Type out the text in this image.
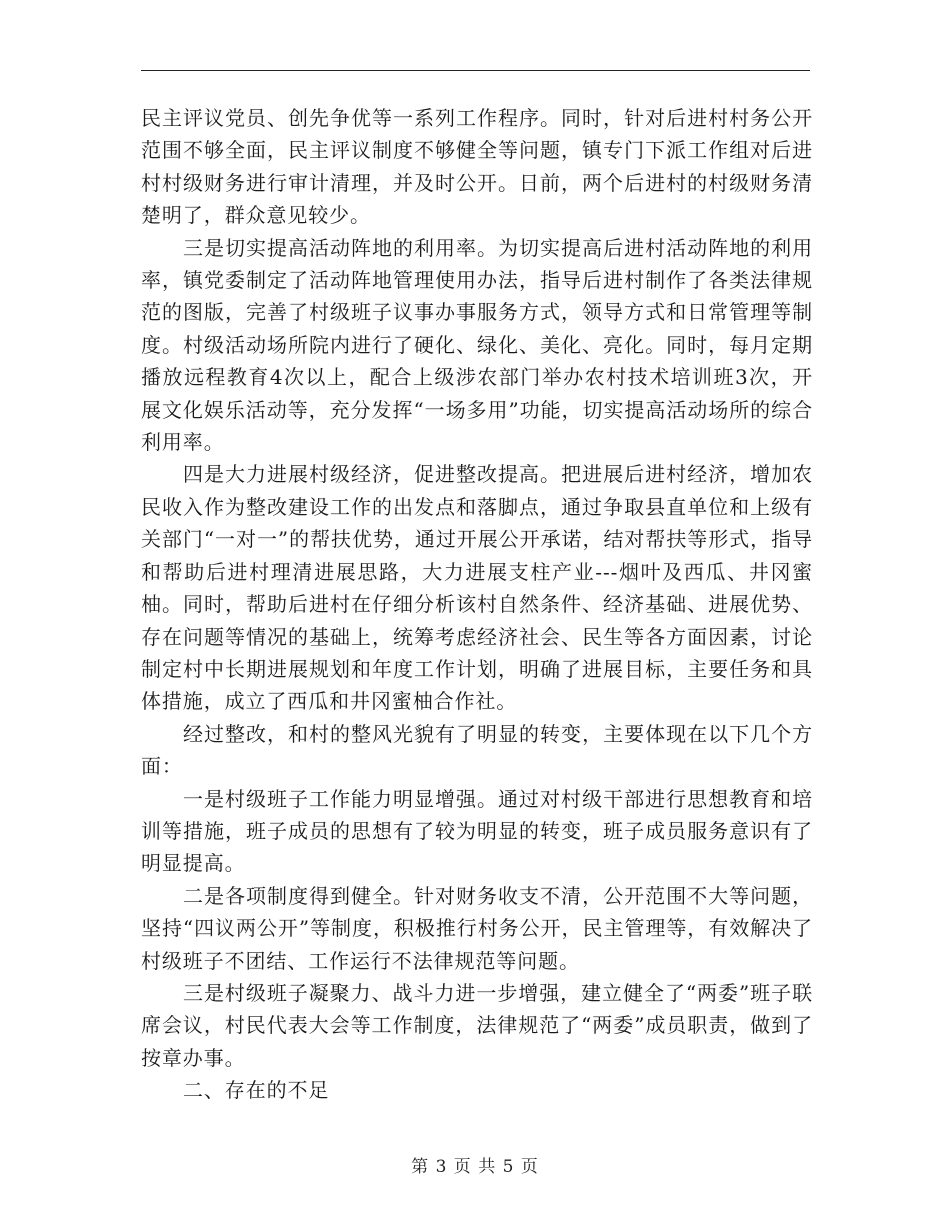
民主评议党员、创先争优等一系列工作程序。同时，针对后进村村务公开范围不够全面，民主评议制度不够健全等问题，镇专门下派工作组对后进村村级财务进行审计清理，并及时公开。日前，两个后进村的村级财务清楚明了，群众意见较少。

三是切实提高活动阵地的利用率。为切实提高后进村活动阵地的利用率，镇党委制定了活动阵地管理使用办法，指导后进村制作了各类法律规范的图版，完善了村级班子议事办事服务方式，领导方式和日常管理等制度。村级活动场所院内进行了硬化、绿化、美化、亮化。同时，每月定期播放远程教育4次以上，配合上级涉农部门举办农村技术培训班3次，开展文化娱乐活动等，充分发挥“一场多用”功能，切实提高活动场所的综合利用率。

四是大力进展村级经济，促进整改提高。把进展后进村经济，增加农民收入作为整改建设工作的出发点和落脚点，通过争取县直单位和上级有关部门“一对一”的帮扶优势，通过开展公开承诺，结对帮扶等形式，指导和帮助后进村理清进展思路，大力进展支柱产业---烟叶及西瓜、井冈蜜柚。同时，帮助后进村在仔细分析该村自然条件、经济基础、进展优势、存在问题等情况的基础上，统筹考虑经济社会、民生等各方面因素，讨论制定村中长期进展规划和年度工作计划，明确了进展目标，主要任务和具体措施，成立了西瓜和井冈蜜柚合作社。

经过整改，和村的整风光貌有了明显的转变，主要体现在以下几个方面：

一是村级班子工作能力明显增强。通过对村级干部进行思想教育和培训等措施，班子成员的思想有了较为明显的转变，班子成员服务意识有了明显提高。

二是各项制度得到健全。针对财务收支不清，公开范围不大等问题，坚持“四议两公开”等制度，积极推行村务公开，民主管理等，有效解决了村级班子不团结、工作运行不法律规范等问题。

三是村级班子凝聚力、战斗力进一步增强，建立健全了“两委”班子联席会议，村民代表大会等工作制度，法律规范了“两委”成员职责，做到了按章办事。

二、存在的不足

第 3 页 共 5 页
